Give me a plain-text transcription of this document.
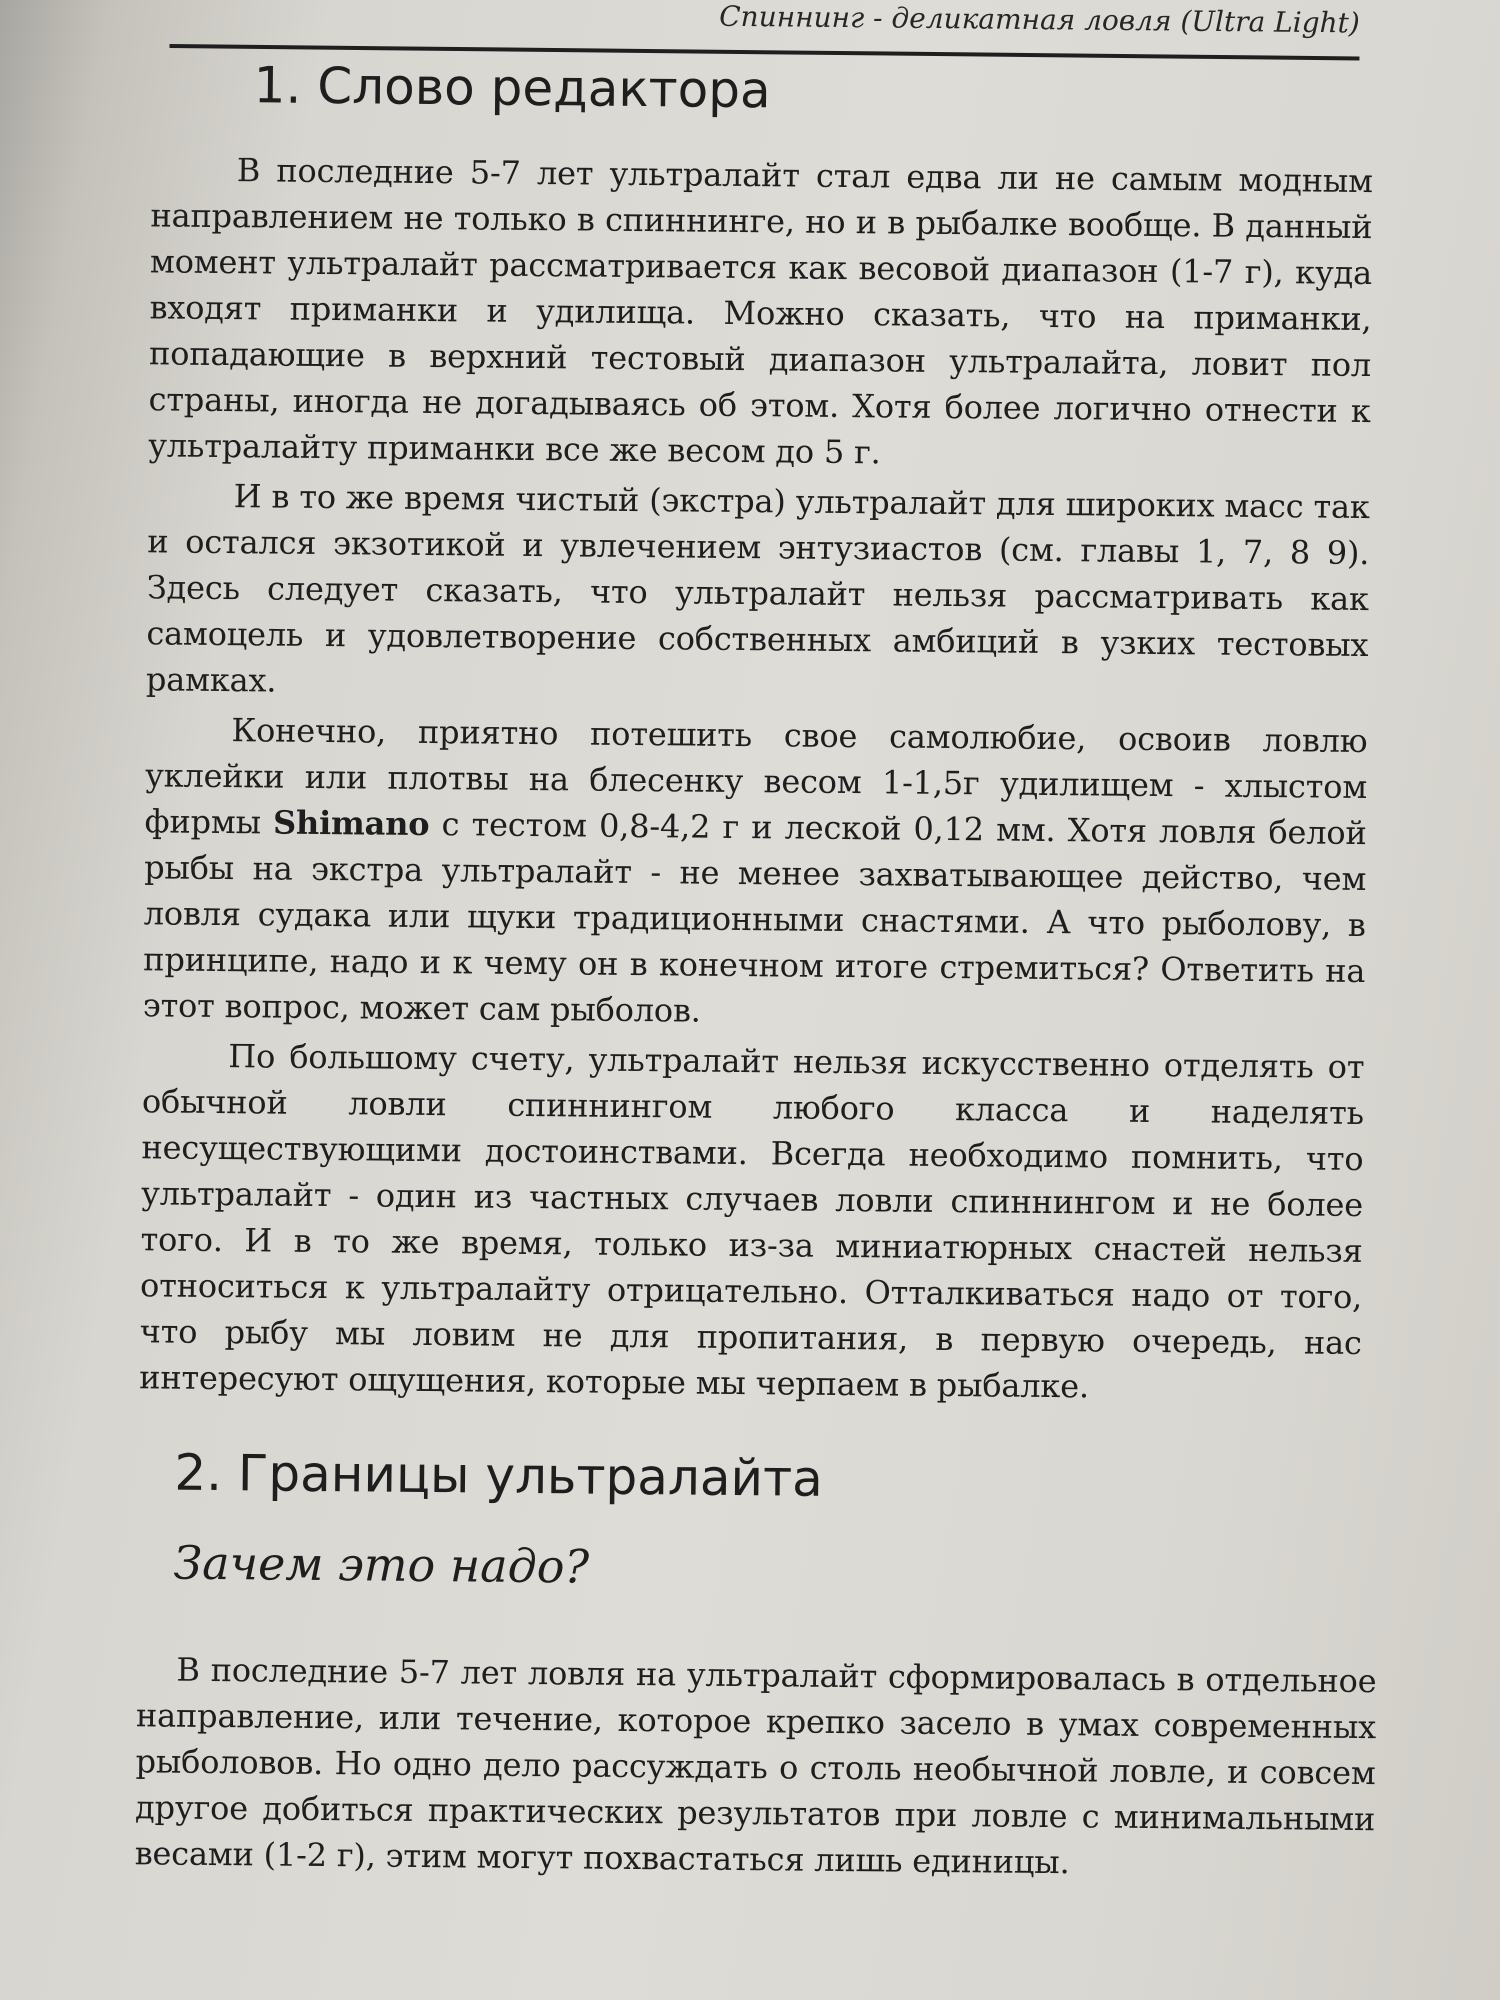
Спиннинг - деликатная ловля (Ultra Light)
1. Слово редактора

В последние 5-7 лет ультралайт стал едва ли не самым модным направлением не только в спиннинге, но и в рыбалке вообще. В данный момент ультралайт рассматривается как весовой диапазон (1-7 г), куда входят приманки и удилища. Можно сказать, что на приманки, попадающие в верхний тестовый диапазон ультралайта, ловит пол страны, иногда не догадываясь об этом. Хотя более логично отнести к ультралайту приманки все же весом до 5 г.

И в то же время чистый (экстра) ультралайт для широких масс так и остался экзотикой и увлечением энтузиастов (см. главы 1, 7, 8 9). Здесь следует сказать, что ультралайт нельзя рассматривать как самоцель и удовлетворение собственных амбиций в узких тестовых рамках.

Конечно, приятно потешить свое самолюбие, освоив ловлю уклейки или плотвы на блесенку весом 1-1,5г удилищем - хлыстом фирмы Shimano с тестом 0,8-4,2 г и леской 0,12 мм. Хотя ловля белой рыбы на экстра ультралайт - не менее захватывающее действо, чем ловля судака или щуки традиционными снастями. А что рыболову, в принципе, надо и к чему он в конечном итоге стремиться? Ответить на этот вопрос, может сам рыболов.

По большому счету, ультралайт нельзя искусственно отделять от обычной ловли спиннингом любого класса и наделять несуществующими достоинствами. Всегда необходимо помнить, что ультралайт - один из частных случаев ловли спиннингом и не более того. И в то же время, только из-за миниатюрных снастей нельзя относиться к ультралайту отрицательно. Отталкиваться надо от того, что рыбу мы ловим не для пропитания, в первую очередь, нас интересуют ощущения, которые мы черпаем в рыбалке.

2. Границы ультралайта
Зачем это надо?

В последние 5-7 лет ловля на ультралайт сформировалась в отдельное направление, или течение, которое крепко засело в умах современных рыболовов. Но одно дело рассуждать о столь необычной ловле, и совсем другое добиться практических результатов при ловле с минимальными весами (1-2 г), этим могут похвастаться лишь единицы.
